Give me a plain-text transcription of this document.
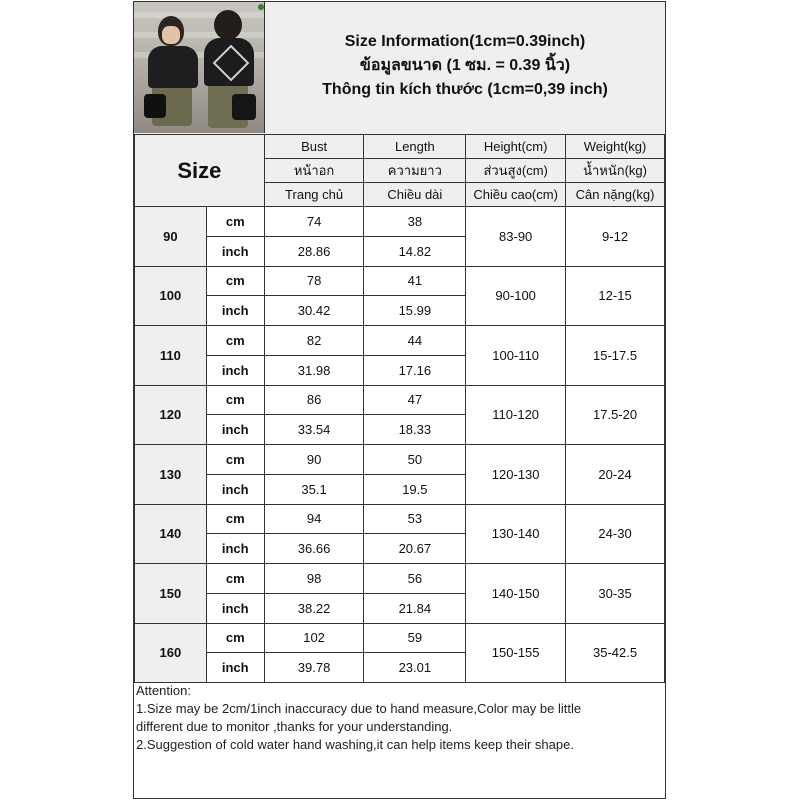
Size Information(1cm=0.39inch)
ข้อมูลขนาด (1 ซม. = 0.39 นิ้ว)
Thông tin kích thước (1cm=0,39 inch)
Size		Bust	Length	Height(cm)	Weight(kg)
		หน้าอก	ความยาว	ส่วนสูง(cm)	น้ำหนัก(kg)
		Trang chủ	Chiều dài	Chiều cao(cm)	Cân nặng(kg)
90	cm	74	38	83-90	9-12
	inch	28.86	14.82		
100	cm	78	41	90-100	12-15
	inch	30.42	15.99		
110	cm	82	44	100-110	15-17.5
	inch	31.98	17.16		
120	cm	86	47	110-120	17.5-20
	inch	33.54	18.33		
130	cm	90	50	120-130	20-24
	inch	35.1	19.5		
140	cm	94	53	130-140	24-30
	inch	36.66	20.67		
150	cm	98	56	140-150	30-35
	inch	38.22	21.84		
160	cm	102	59	150-155	35-42.5
	inch	39.78	23.01		
Attention:
1.Size may be 2cm/1inch inaccuracy due to hand measure,Color may be little
different due to monitor ,thanks for your understanding.
2.Suggestion of cold water hand washing,it can help items keep their shape.
